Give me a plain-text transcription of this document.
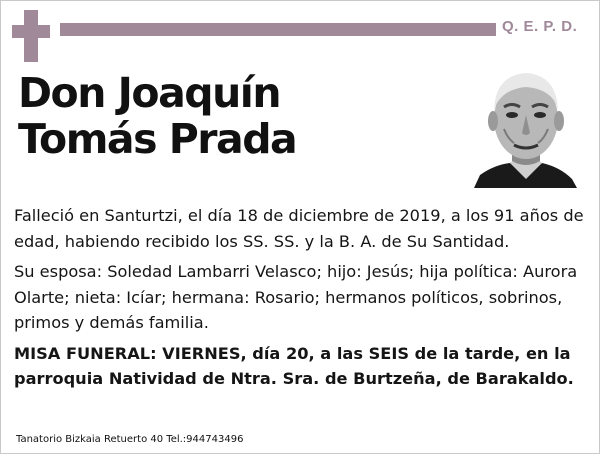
Q. E. P. D.
Don Joaquín
Tomás Prada

Falleció en Santurtzi, el día 18 de diciembre de 2019, a los 91 años de edad, habiendo recibido los SS. SS. y la B. A. de Su Santidad.

Su esposa: Soledad Lambarri Velasco; hijo: Jesús; hija política: Aurora Olarte; nieta: Icíar; hermana: Rosario; hermanos políticos, sobrinos, primos y demás familia.

MISA FUNERAL: VIERNES, día 20, a las SEIS de la tarde, en la parroquia Natividad de Ntra. Sra. de Burtzeña, de Barakaldo.

Tanatorio Bizkaia Retuerto 40 Tel.:944743496
